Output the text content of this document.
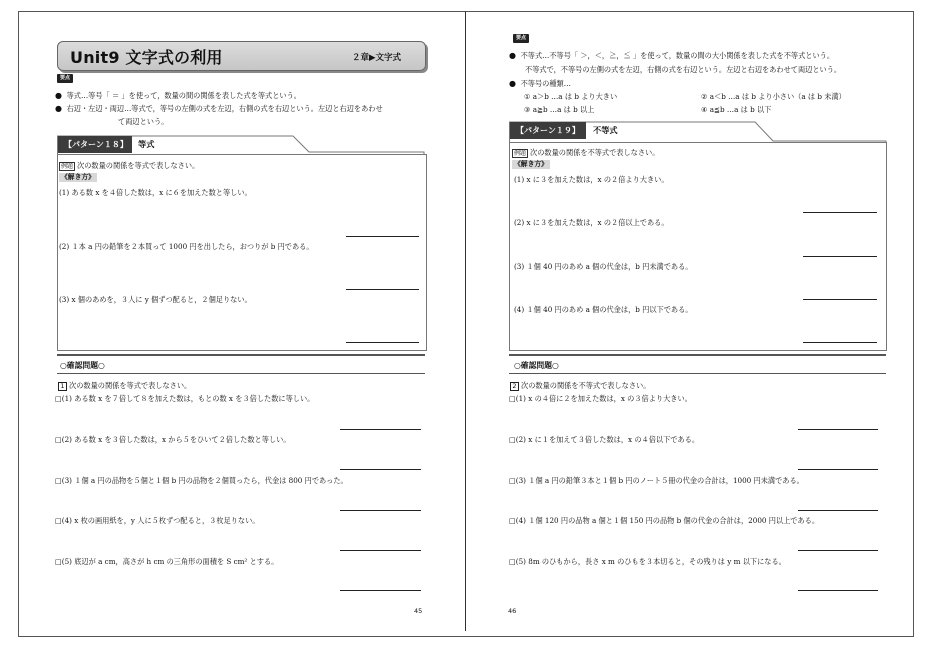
Unit9 文字式の利用	２章▶文字式
要点
● 等式…等号「 ＝ 」を使って，数量の間の関係を表した式を等式という。
● 右辺・左辺・両辺…等式で，等号の左側の式を左辺，右側の式を右辺という。左辺と右辺をあわせ
て両辺という。
【パターン１８】	等式
例題 次の数量の関係を等式で表しなさい。
《解き方》
(1) ある数 x を４倍した数は，x に６を加えた数と等しい。
(2) １本 a 円の鉛筆を２本買って 1000 円を出したら，おつりが b 円である。
(3) x 個のあめを，３人に y 個ずつ配ると，２個足りない。
○確認問題○
1 次の数量の関係を等式で表しなさい。
□(1) ある数 x を７倍して８を加えた数は，もとの数 x を３倍した数に等しい。
□(2) ある数 x を３倍した数は，x から５をひいて２倍した数と等しい。
□(3) １個 a 円の品物を５個と１個 b 円の品物を２個買ったら，代金は 800 円であった。
□(4) x 枚の画用紙を，y 人に５枚ずつ配ると，３枚足りない。
□(5) 底辺が a cm，高さが h cm の三角形の面積を S cm² とする。
45
要点
● 不等式…不等号「 ＞，＜，≧，≦ 」を使って，数量の間の大小関係を表した式を不等式という。
不等式で，不等号の左側の式を左辺，右側の式を右辺という。左辺と右辺をあわせて両辺という。
● 不等号の種類…
① a＞b …a は b より大きい	② a＜b …a は b より小さい（a は b 未満）
③ a≧b …a は b 以上	④ a≦b …a は b 以下
【パターン１９】	不等式
例題 次の数量の関係を不等式で表しなさい。
《解き方》
(1) x に３を加えた数は，x の２倍より大きい。
(2) x に３を加えた数は，x の２倍以上である。
(3) １個 40 円のあめ a 個の代金は，b 円未満である。
(4) １個 40 円のあめ a 個の代金は，b 円以下である。
○確認問題○
2 次の数量の関係を不等式で表しなさい。
□(1) x の４倍に２を加えた数は，x の３倍より大きい。
□(2) x に１を加えて３倍した数は，x の４倍以下である。
□(3) １個 a 円の鉛筆３本と１個 b 円のノート５冊の代金の合計は，1000 円未満である。
□(4) １個 120 円の品物 a 個と１個 150 円の品物 b 個の代金の合計は，2000 円以上である。
□(5) 8m のひもから，長さ x m のひもを３本切ると，その残りは y m 以下になる。
46
